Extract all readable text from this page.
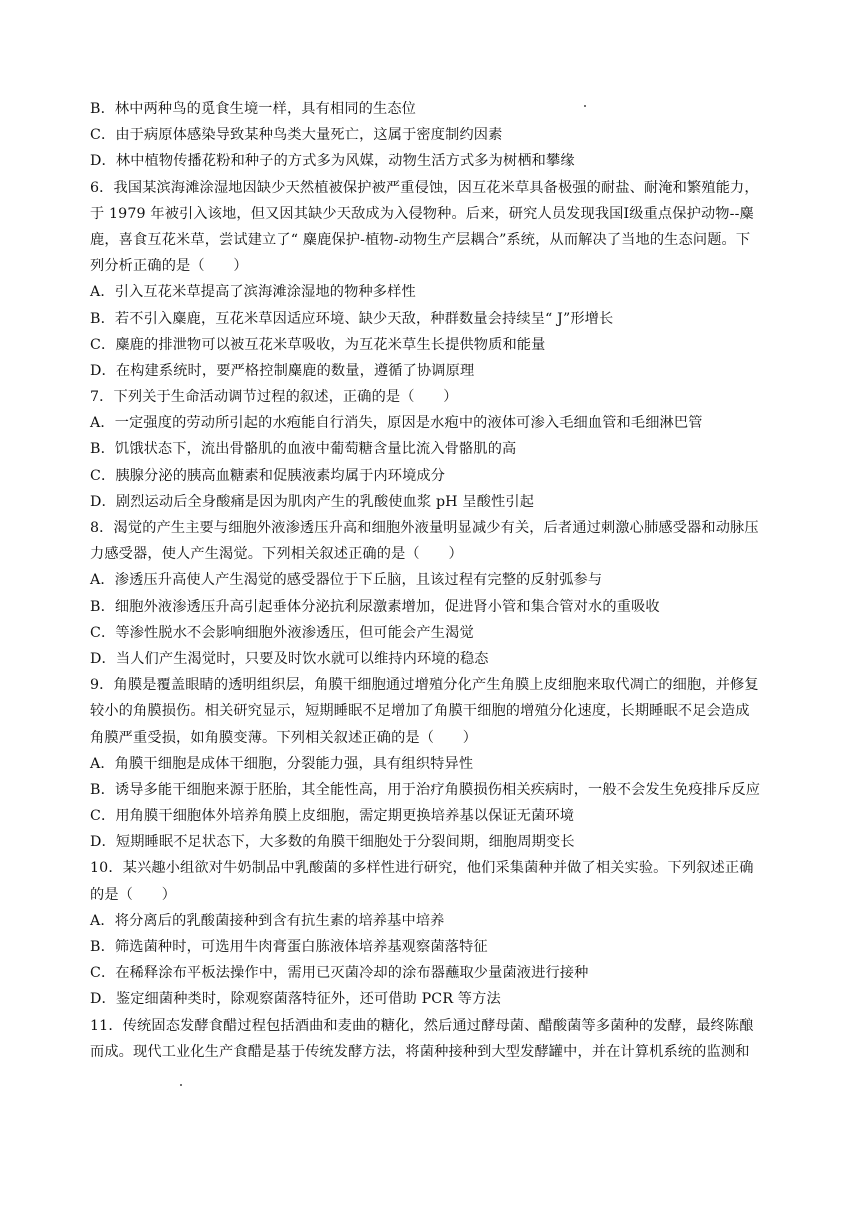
B．林中两种鸟的觅食生境一样，具有相同的生态位
C．由于病原体感染导致某种鸟类大量死亡，这属于密度制约因素
D．林中植物传播花粉和种子的方式多为风媒，动物生活方式多为树栖和攀缘
6．我国某滨海滩涂湿地因缺少天然植被保护被严重侵蚀，因互花米草具备极强的耐盐、耐淹和繁殖能力，
于 1979 年被引入该地，但又因其缺少天敌成为入侵物种。后来，研究人员发现我国Ⅰ级重点保护动物--麋
鹿，喜食互花米草，尝试建立了“ 麋鹿保护-植物-动物生产层耦合”系统，从而解决了当地的生态问题。下
列分析正确的是（　　）
A．引入互花米草提高了滨海滩涂湿地的物种多样性
B．若不引入麋鹿，互花米草因适应环境、缺少天敌，种群数量会持续呈“ J”形增长
C．麋鹿的排泄物可以被互花米草吸收，为互花米草生长提供物质和能量
D．在构建系统时，要严格控制麋鹿的数量，遵循了协调原理
7．下列关于生命活动调节过程的叙述，正确的是（　　）
A．一定强度的劳动所引起的水疱能自行消失，原因是水疱中的液体可渗入毛细血管和毛细淋巴管
B．饥饿状态下，流出骨骼肌的血液中葡萄糖含量比流入骨骼肌的高
C．胰腺分泌的胰高血糖素和促胰液素均属于内环境成分
D．剧烈运动后全身酸痛是因为肌肉产生的乳酸使血浆 pH 呈酸性引起
8．渴觉的产生主要与细胞外液渗透压升高和细胞外液量明显减少有关，后者通过刺激心肺感受器和动脉压
力感受器，使人产生渴觉。下列相关叙述正确的是（　　）
A．渗透压升高使人产生渴觉的感受器位于下丘脑，且该过程有完整的反射弧参与
B．细胞外液渗透压升高引起垂体分泌抗利尿激素增加，促进肾小管和集合管对水的重吸收
C．等渗性脱水不会影响细胞外液渗透压，但可能会产生渴觉
D．当人们产生渴觉时，只要及时饮水就可以维持内环境的稳态
9．角膜是覆盖眼睛的透明组织层，角膜干细胞通过增殖分化产生角膜上皮细胞来取代凋亡的细胞，并修复
较小的角膜损伤。相关研究显示，短期睡眠不足增加了角膜干细胞的增殖分化速度，长期睡眠不足会造成
角膜严重受损，如角膜变薄。下列相关叙述正确的是（　　）
A．角膜干细胞是成体干细胞，分裂能力强，具有组织特异性
B．诱导多能干细胞来源于胚胎，其全能性高，用于治疗角膜损伤相关疾病时，一般不会发生免疫排斥反应
C．用角膜干细胞体外培养角膜上皮细胞，需定期更换培养基以保证无菌环境
D．短期睡眠不足状态下，大多数的角膜干细胞处于分裂间期，细胞周期变长
10．某兴趣小组欲对牛奶制品中乳酸菌的多样性进行研究，他们采集菌种并做了相关实验。下列叙述正确
的是（　　）
A．将分离后的乳酸菌接种到含有抗生素的培养基中培养
B．筛选菌种时，可选用牛肉膏蛋白胨液体培养基观察菌落特征
C．在稀释涂布平板法操作中，需用已灭菌冷却的涂布器蘸取少量菌液进行接种
D．鉴定细菌种类时，除观察菌落特征外，还可借助 PCR 等方法
11．传统固态发酵食醋过程包括酒曲和麦曲的糖化，然后通过酵母菌、醋酸菌等多菌种的发酵，最终陈酿
而成。现代工业化生产食醋是基于传统发酵方法，将菌种接种到大型发酵罐中，并在计算机系统的监测和
